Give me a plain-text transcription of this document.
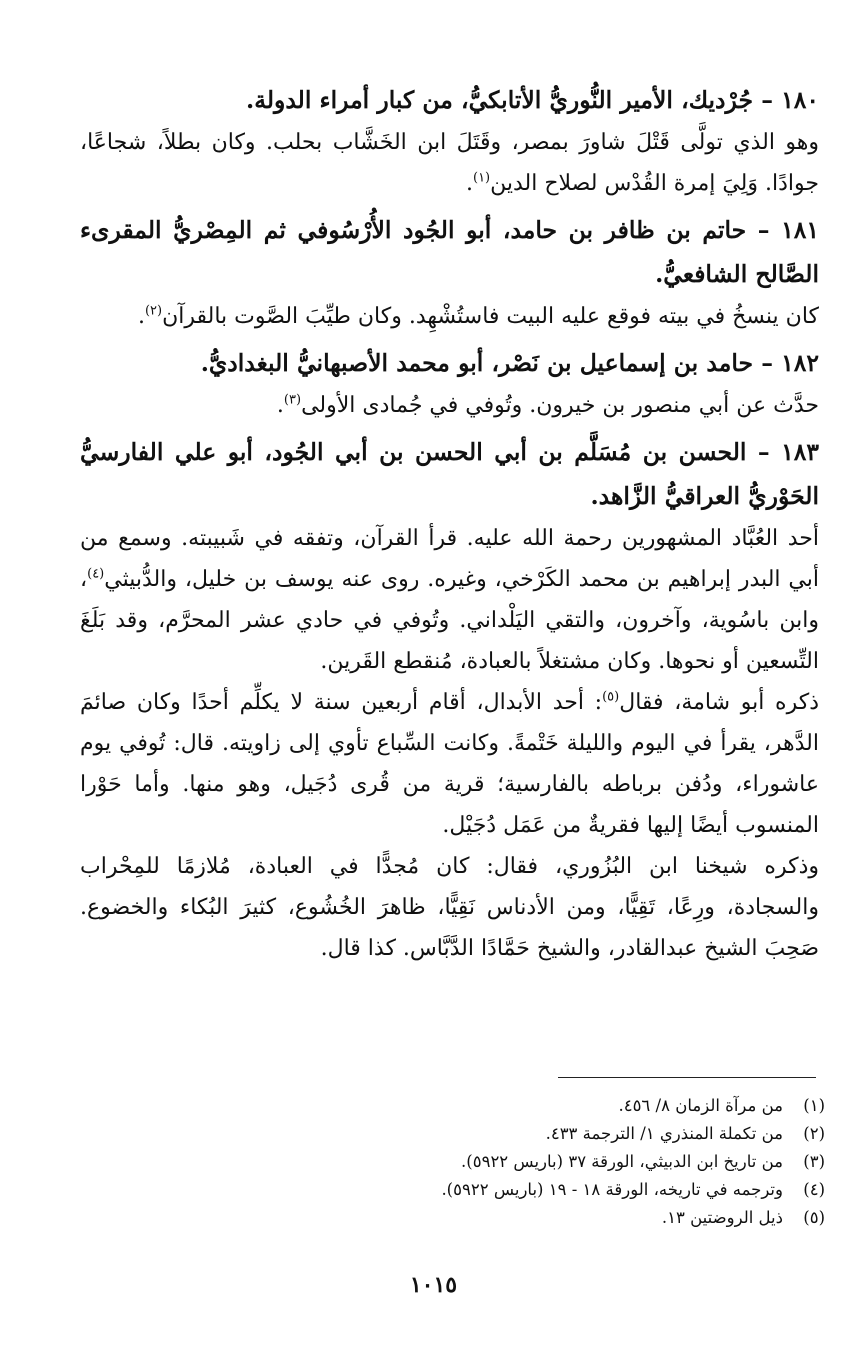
١٨٠ – جُرْديك، الأمير النُّوريُّ الأتابكيُّ، من كبار أمراء الدولة.

وهو الذي تولَّى قَتْلَ شاورَ بمصر، وقَتَلَ ابن الخَشَّاب بحلب. وكان بطلاً، شجاعًا، جوادًا. وَلِيَ إمرة القُدْس لصلاح الدين$^{(١)}$.

١٨١ – حاتم بن ظافر بن حامد، أبو الجُود الأُرْسُوفي ثم المِصْريُّ المقرىء الصَّالح الشافعيُّ.

كان ينسخُ في بيته فوقع عليه البيت فاستُشْهِد. وكان طيِّبَ الصَّوت بالقرآن$^{(٢)}$.

١٨٢ – حامد بن إسماعيل بن نَصْر، أبو محمد الأصبهانيُّ البغداديُّ.

حدَّث عن أبي منصور بن خيرون. وتُوفي في جُمادى الأولى$^{(٣)}$.

١٨٣ – الحسن بن مُسَلَّم بن أبي الحسن بن أبي الجُود، أبو علي الفارسيُّ الحَوْريُّ العراقيُّ الزَّاهد.

أحد العُبَّاد المشهورين رحمة الله عليه. قرأ القرآن، وتفقه في شَبيبته. وسمع من أبي البدر إبراهيم بن محمد الكَرْخي، وغيره. روى عنه يوسف بن خليل، والدُّبيثي$^{(٤)}$، وابن باسُوية، وآخرون، والتقي اليَلْداني. وتُوفي في حادي عشر المحرَّم، وقد بَلَغَ التِّسعين أو نحوها. وكان مشتغلاً بالعبادة، مُنقطع القَرين.

ذكره أبو شامة، فقال$^{(٥)}$: أحد الأبدال، أقام أربعين سنة لا يكلِّم أحدًا وكان صائمَ الدَّهر، يقرأ في اليوم والليلة خَتْمةً. وكانت السِّباع تأوي إلى زاويته. قال: تُوفي يوم عاشوراء، ودُفن برباطه بالفارسية؛ قرية من قُرى دُجَيل، وهو منها. وأما حَوْرا المنسوب أيضًا إليها فقريةٌ من عَمَل دُجَيْل.

وذكره شيخنا ابن البُزُوري، فقال: كان مُجدًّا في العبادة، مُلازمًا للمِحْراب والسجادة، ورِعًا، تَقِيًّا، ومن الأدناس نَقِيًّا، ظاهرَ الخُشُوع، كثيرَ البُكاء والخضوع. صَحِبَ الشيخ عبدالقادر، والشيخ حَمَّادًا الدَّبَّاس. كذا قال.

(١)
من مرآة الزمان ٨/ ٤٥٦.
(٢)
من تكملة المنذري ١/ الترجمة ٤٣٣.
(٣)
من تاريخ ابن الدبيثي، الورقة ٣٧ (باريس ٥٩٢٢).
(٤)
وترجمه في تاريخه، الورقة ١٨ - ١٩ (باريس ٥٩٢٢).
(٥)
ذيل الروضتين ١٣.
١٠١٥
